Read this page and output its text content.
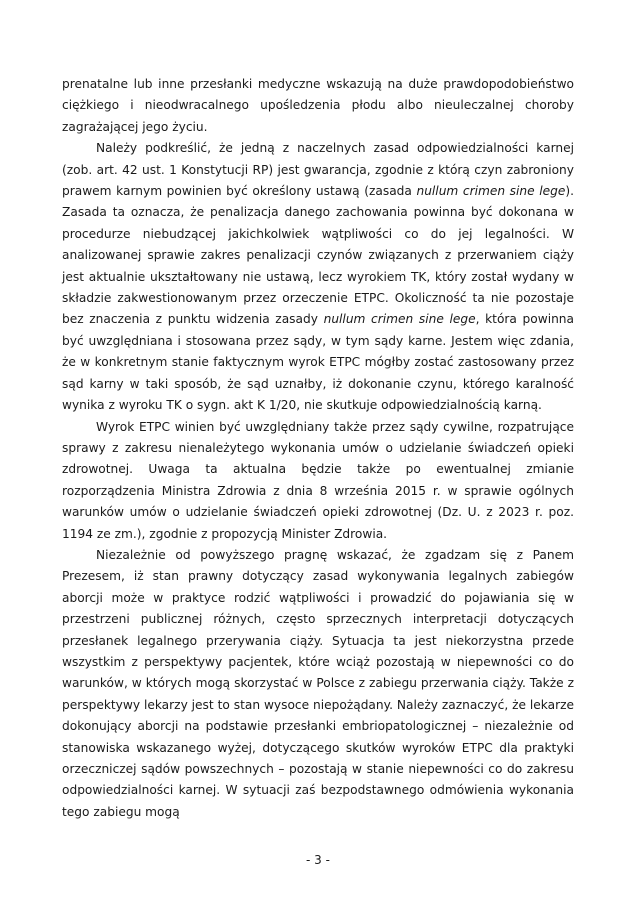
prenatalne lub inne przesłanki medyczne wskazują na duże prawdopodobieństwo ciężkiego i nieodwracalnego upośledzenia płodu albo nieuleczalnej choroby zagrażającej jego życiu.

Należy podkreślić, że jedną z naczelnych zasad odpowiedzialności karnej (zob. art. 42 ust. 1 Konstytucji RP) jest gwarancja, zgodnie z którą czyn zabroniony prawem karnym powinien być określony ustawą (zasada nullum crimen sine lege). Zasada ta oznacza, że penalizacja danego zachowania powinna być dokonana w procedurze niebudzącej jakichkolwiek wątpliwości co do jej legalności. W analizowanej sprawie zakres penalizacji czynów związanych z przerwaniem ciąży jest aktualnie ukształtowany nie ustawą, lecz wyrokiem TK, który został wydany w składzie zakwestionowanym przez orzeczenie ETPC. Okoliczność ta nie pozostaje bez znaczenia z punktu widzenia zasady nullum crimen sine lege, która powinna być uwzględniana i stosowana przez sądy, w tym sądy karne. Jestem więc zdania, że w konkretnym stanie faktycznym wyrok ETPC mógłby zostać zastosowany przez sąd karny w taki sposób, że sąd uznałby, iż dokonanie czynu, którego karalność wynika z wyroku TK o sygn. akt K 1/20, nie skutkuje odpowiedzialnością karną.

Wyrok ETPC winien być uwzględniany także przez sądy cywilne, rozpatrujące sprawy z zakresu nienależytego wykonania umów o udzielanie świadczeń opieki zdrowotnej. Uwaga ta aktualna będzie także po ewentualnej zmianie rozporządzenia Ministra Zdrowia z dnia 8 września 2015 r. w sprawie ogólnych warunków umów o udzielanie świadczeń opieki zdrowotnej (Dz. U. z 2023 r. poz. 1194 ze zm.), zgodnie z propozycją Minister Zdrowia.

Niezależnie od powyższego pragnę wskazać, że zgadzam się z Panem Prezesem, iż stan prawny dotyczący zasad wykonywania legalnych zabiegów aborcji może w praktyce rodzić wątpliwości i prowadzić do pojawiania się w przestrzeni publicznej różnych, często sprzecznych interpretacji dotyczących przesłanek legalnego przerywania ciąży. Sytuacja ta jest niekorzystna przede wszystkim z perspektywy pacjentek, które wciąż pozostają w niepewności co do warunków, w których mogą skorzystać w Polsce z zabiegu przerwania ciąży. Także z perspektywy lekarzy jest to stan wysoce niepożądany. Należy zaznaczyć, że lekarze dokonujący aborcji na podstawie przesłanki embriopatologicznej – niezależnie od stanowiska wskazanego wyżej, dotyczącego skutków wyroków ETPC dla praktyki orzeczniczej sądów powszechnych – pozostają w stanie niepewności co do zakresu odpowiedzialności karnej. W sytuacji zaś bezpodstawnego odmówienia wykonania tego zabiegu mogą

- 3 -
